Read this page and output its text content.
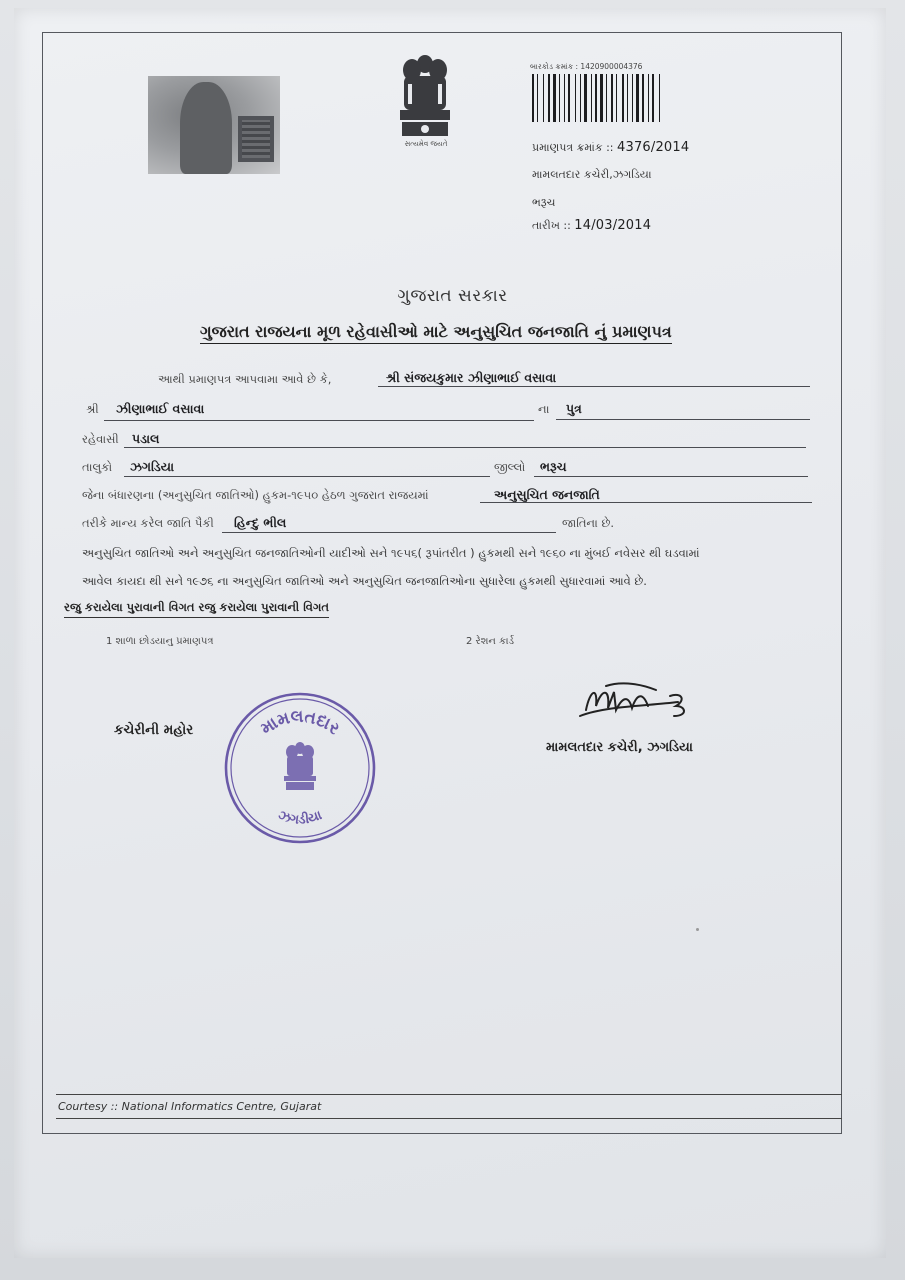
સત્યમેવ જયતે
બારકોડ ક્રમાંક : 1420900004376
પ્રમાણપત્ર ક્રમાંક :: 4376/2014
મામલતદાર કચેરી,ઝગડિયા
ભરૂચ
તારીખ :: 14/03/2014
ગુજરાત સરકાર
ગુજરાત રાજયના મૂળ રહેવાસીઓ માટે અનુસુચિત જનજાતિ નું પ્રમાણપત્ર
આથી પ્રમાણપત્ર આપવામા આવે છે કે,	શ્રી સંજયકુમાર ઝીણાભાઈ વસાવા
શ્રી ઝીણાભાઈ વસાવા	ના પુત્ર
રહેવાસી પડાલ
તાલુકો ઝગડિયા	જીલ્લો ભરૂચ
જેના બંધારણના (અનુસુચિત જાતિઓ) હુકમ-૧૯૫૦ હેઠળ ગુજરાત રાજયમાં	અનુસુચિત જનજાતિ
તરીકે માન્ય કરેલ જાતિ પૈકી હિન્દુ ભીલ	જાતિના છે.
અનુસુચિત જાતિઓ અને અનુસુચિત જનજાતિઓની યાદીઓ સને ૧૯૫૬( રૂપાંતરીત ) હુકમથી સને ૧૯૬૦ ના મુંબઈ નવેસર થી ઘડવામાં
આવેલ કાયદા થી સને ૧૯૭૬ ના અનુસુચિત જાતિઓ અને અનુસુચિત જનજાતિઓના સુધારેલા હુકમથી સુધારવામાં આવે છે.
રજુ કરાયેલા પુરાવાની વિગત રજુ કરાયેલા પુરાવાની વિગત
1 શાળા છોડયાનુ પ્રમાણપત્ર	2 રેશન કાર્ડ
કચેરીની મહોર	મામલતદાર
ઝગડીયા
મામલતદાર કચેરી, ઝગડિયા
Courtesy :: National Informatics Centre, Gujarat
